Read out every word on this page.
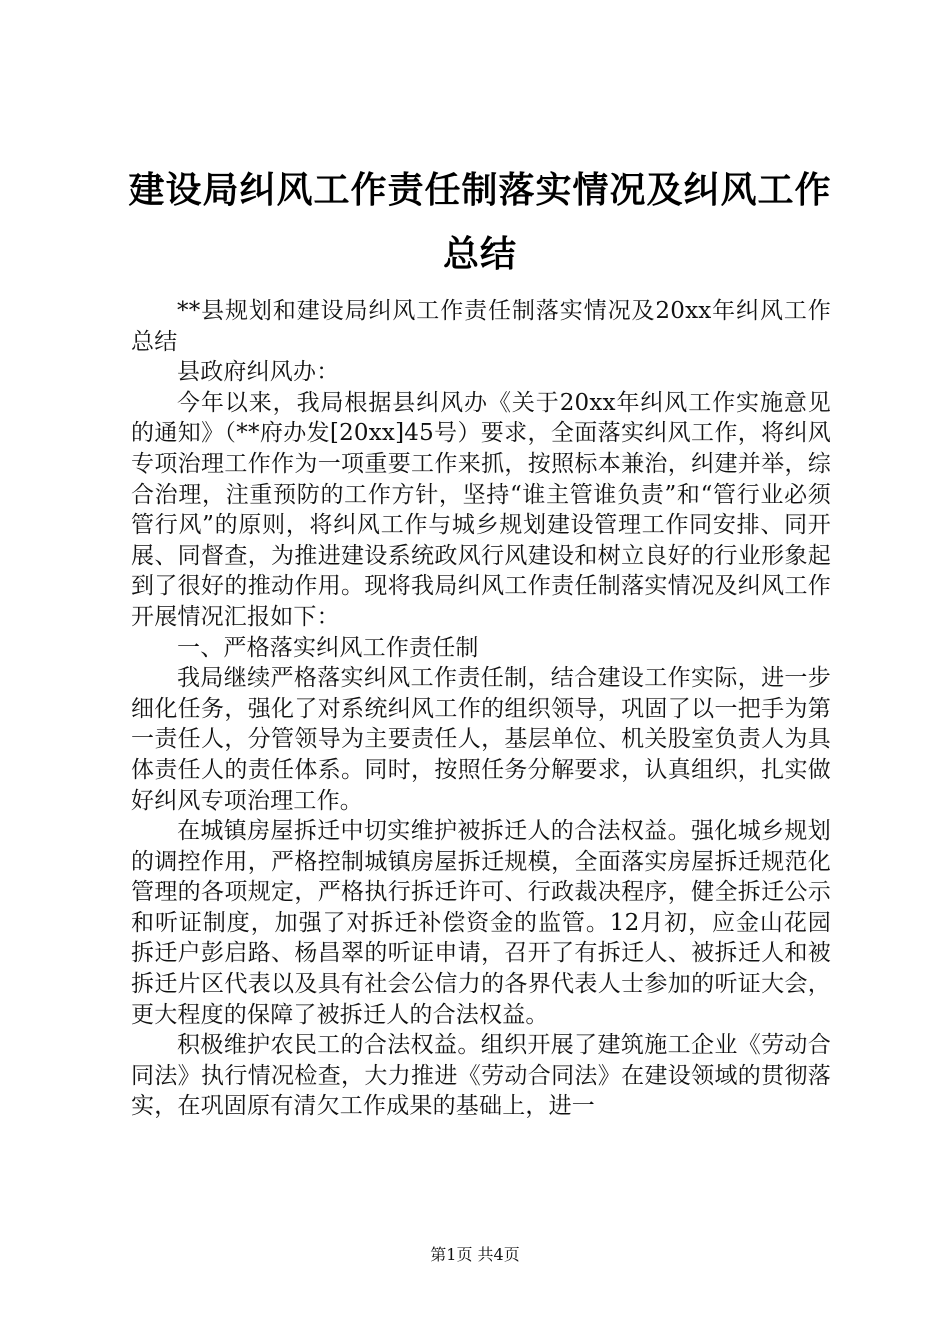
建设局纠风工作责任制落实情况及纠风工作总结

**县规划和建设局纠风工作责任制落实情况及20xx年纠风工作总结

县政府纠风办：

今年以来，我局根据县纠风办《关于20xx年纠风工作实施意见的通知》（**府办发[20xx]45号）要求，全面落实纠风工作，将纠风专项治理工作作为一项重要工作来抓，按照标本兼治，纠建并举，综合治理，注重预防的工作方针，坚持“谁主管谁负责”和“管行业必须管行风”的原则，将纠风工作与城乡规划建设管理工作同安排、同开展、同督查，为推进建设系统政风行风建设和树立良好的行业形象起到了很好的推动作用。现将我局纠风工作责任制落实情况及纠风工作开展情况汇报如下：

一、严格落实纠风工作责任制

我局继续严格落实纠风工作责任制，结合建设工作实际，进一步细化任务，强化了对系统纠风工作的组织领导，巩固了以一把手为第一责任人，分管领导为主要责任人，基层单位、机关股室负责人为具体责任人的责任体系。同时，按照任务分解要求，认真组织，扎实做好纠风专项治理工作。

在城镇房屋拆迁中切实维护被拆迁人的合法权益。强化城乡规划的调控作用，严格控制城镇房屋拆迁规模，全面落实房屋拆迁规范化管理的各项规定，严格执行拆迁许可、行政裁决程序，健全拆迁公示和听证制度，加强了对拆迁补偿资金的监管。12月初，应金山花园拆迁户彭启路、杨昌翠的听证申请，召开了有拆迁人、被拆迁人和被拆迁片区代表以及具有社会公信力的各界代表人士参加的听证大会，更大程度的保障了被拆迁人的合法权益。

积极维护农民工的合法权益。组织开展了建筑施工企业《劳动合同法》执行情况检查，大力推进《劳动合同法》在建设领域的贯彻落实，在巩固原有清欠工作成果的基础上，进一

第1页 共4页
